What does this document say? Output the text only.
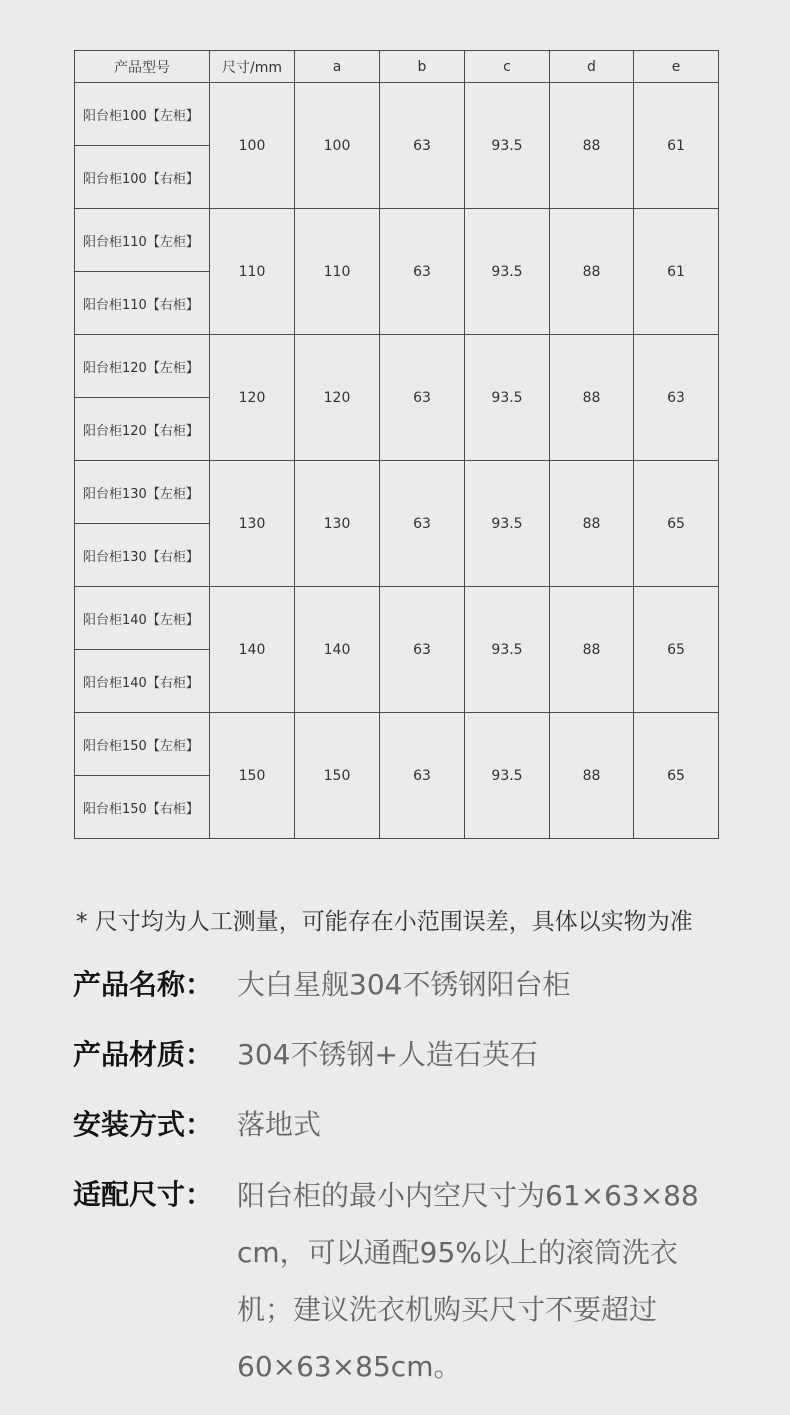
产品型号	尺寸/mm	a	b	c	d	e
阳台柜100【左柜】	100	100	63	93.5	88	61
阳台柜100【右柜】						
阳台柜110【左柜】	110	110	63	93.5	88	61
阳台柜110【右柜】						
阳台柜120【左柜】	120	120	63	93.5	88	63
阳台柜120【右柜】						
阳台柜130【左柜】	130	130	63	93.5	88	65
阳台柜130【右柜】						
阳台柜140【左柜】	140	140	63	93.5	88	65
阳台柜140【右柜】						
阳台柜150【左柜】	150	150	63	93.5	88	65
阳台柜150【右柜】						
* 尺寸均为人工测量，可能存在小范围误差，具体以实物为准
产品名称： 大白星舰304不锈钢阳台柜
产品材质： 304不锈钢+人造石英石
安装方式： 落地式
适配尺寸： 阳台柜的最小内空尺寸为61×63×88 cm，可以通配95%以上的滚筒洗衣机；建议洗衣机购买尺寸不要超过60×63×85cm。
